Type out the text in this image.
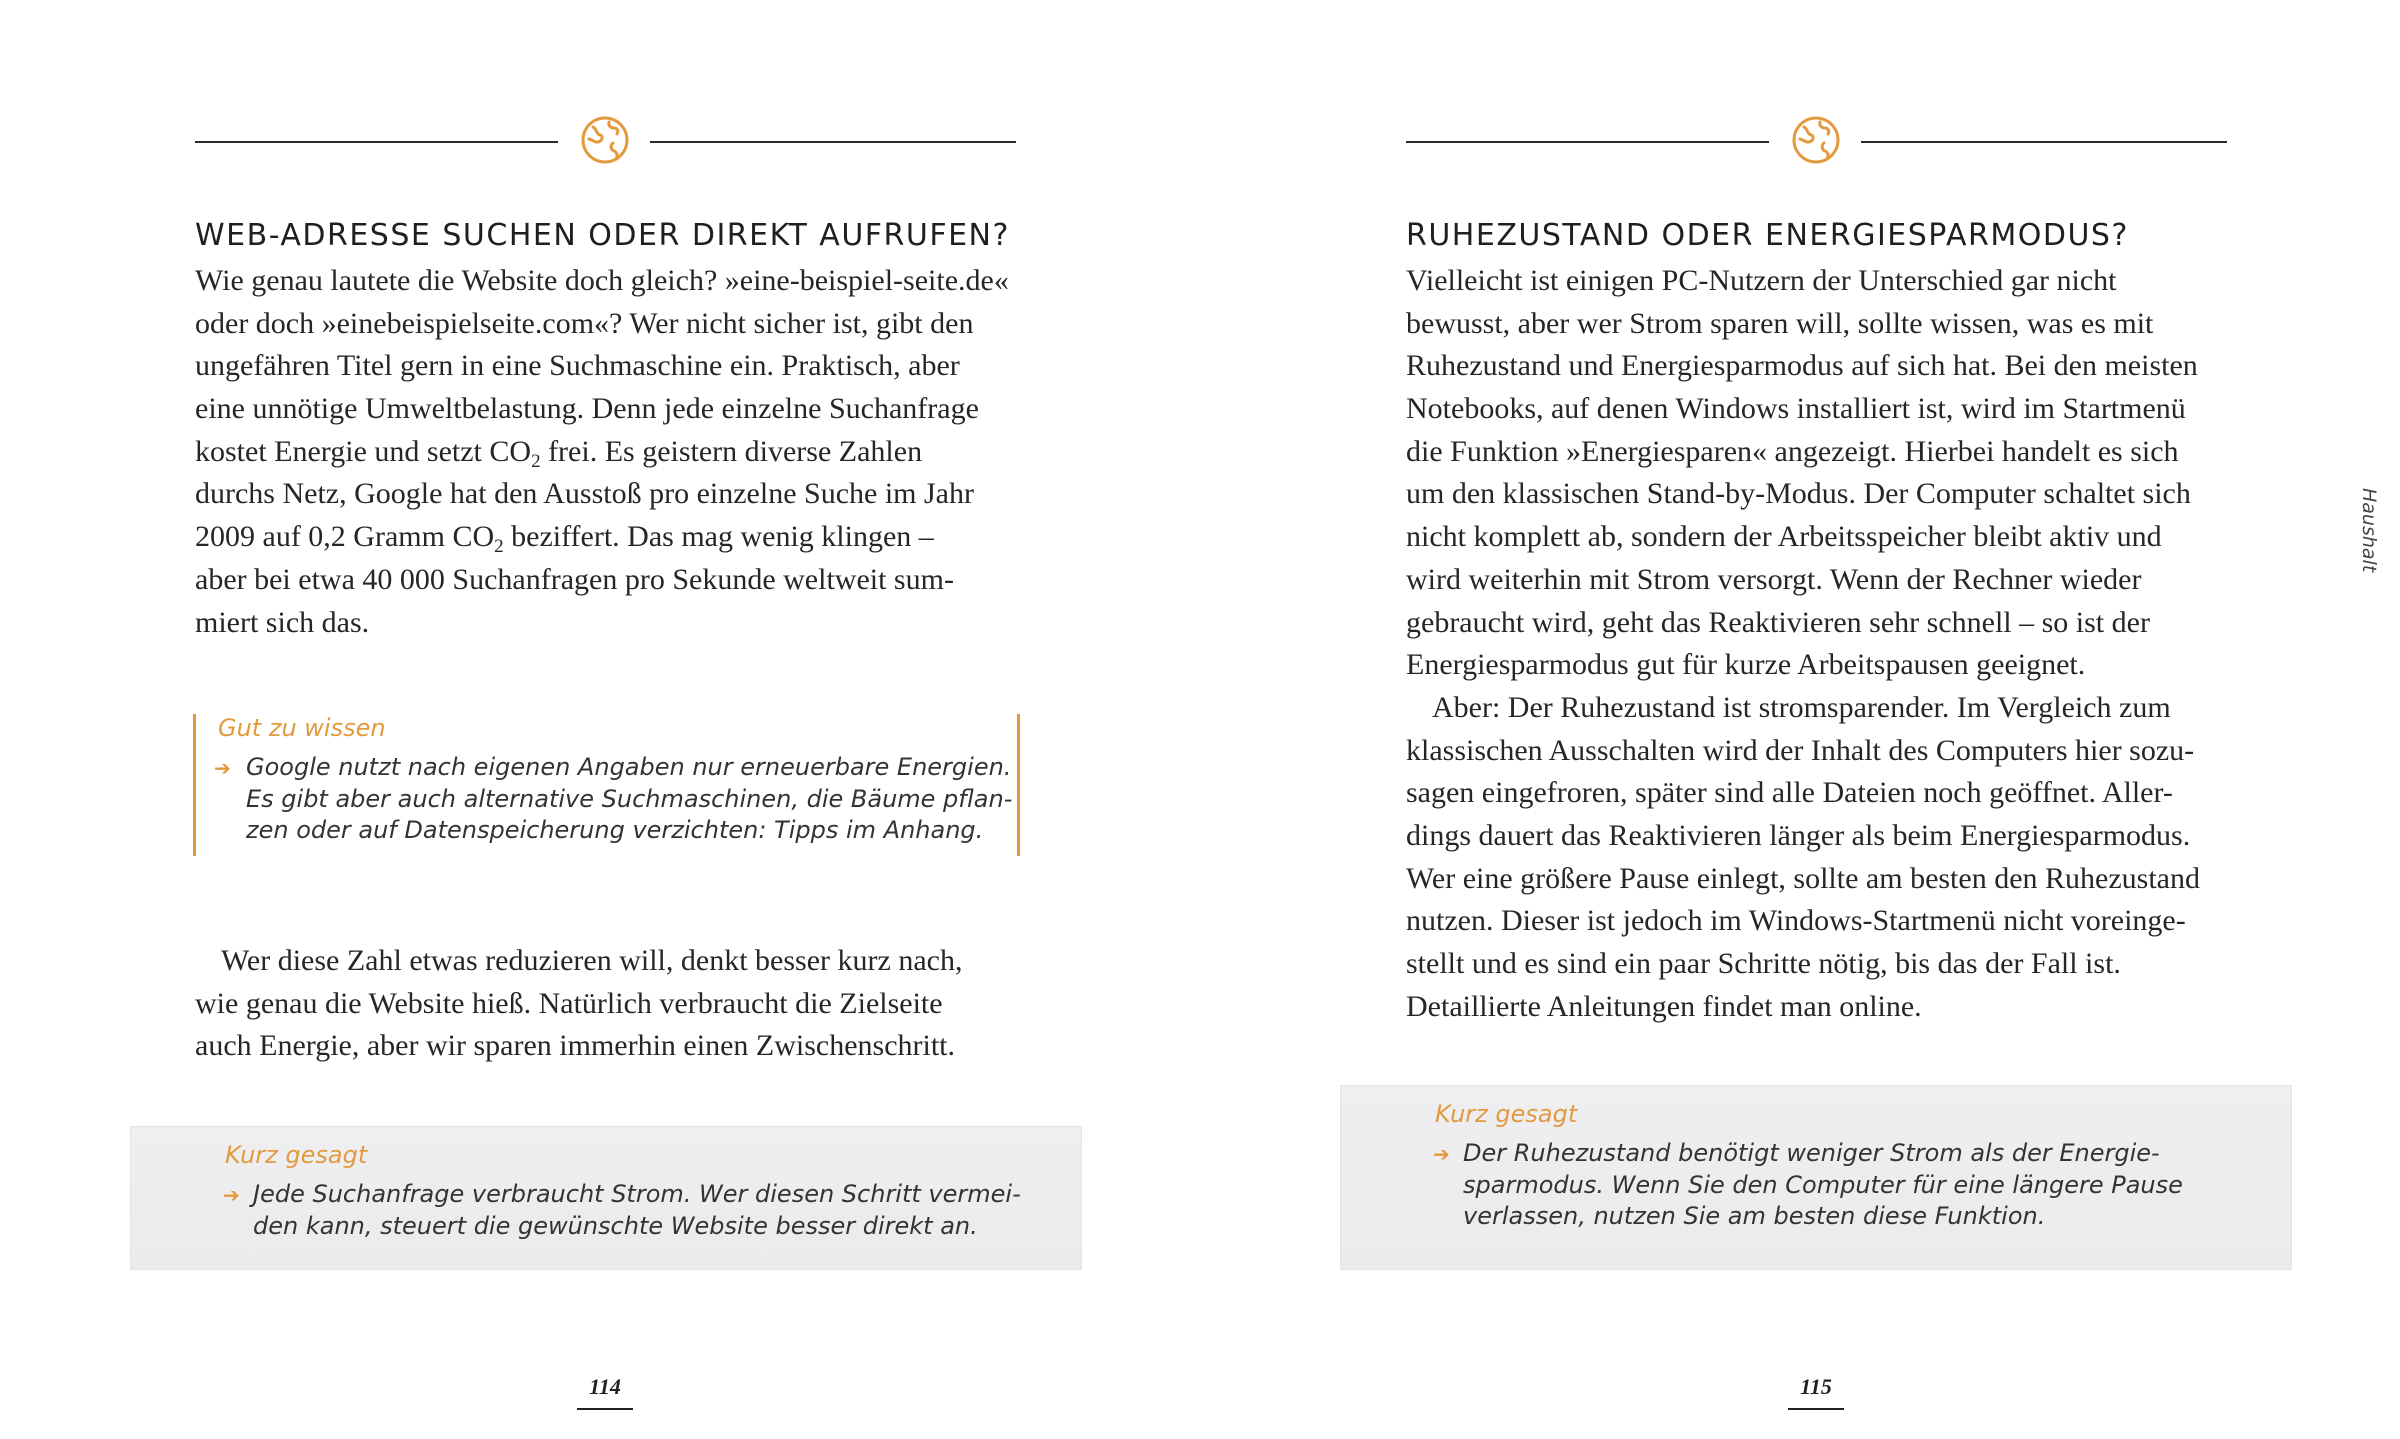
WEB-ADRESSE SUCHEN ODER DIREKT AUFRUFEN?
Wie genau lautete die Website doch gleich? »eine-beispiel-seite.de«
oder doch »einebeispielseite.com«? Wer nicht sicher ist, gibt den
ungefähren Titel gern in eine Suchmaschine ein. Praktisch, aber
eine unnötige Umweltbelastung. Denn jede einzelne Suchanfrage
kostet Energie und setzt $CO_2$ frei. Es geistern diverse Zahlen
durchs Netz, Google hat den Ausstoß pro einzelne Suche im Jahr
2009 auf 0,2 Gramm $CO_2$ beziffert. Das mag wenig klingen –
aber bei etwa 40 000 Suchanfragen pro Sekunde weltweit sum-
miert sich das.
Gut zu wissen
➔ Google nutzt nach eigenen Angaben nur erneuerbare Energien.
Es gibt aber auch alternative Suchmaschinen, die Bäume pflan-
zen oder auf Datenspeicherung verzichten: Tipps im Anhang.
Wer diese Zahl etwas reduzieren will, denkt besser kurz nach,
wie genau die Website hieß. Natürlich verbraucht die Zielseite
auch Energie, aber wir sparen immerhin einen Zwischenschritt.
Kurz gesagt
➔ Jede Suchanfrage verbraucht Strom. Wer diesen Schritt vermei-
den kann, steuert die gewünschte Website besser direkt an.
114
RUHEZUSTAND ODER ENERGIESPARMODUS?
Vielleicht ist einigen PC-Nutzern der Unterschied gar nicht
bewusst, aber wer Strom sparen will, sollte wissen, was es mit
Ruhezustand und Energiesparmodus auf sich hat. Bei den meisten
Notebooks, auf denen Windows installiert ist, wird im Startmenü
die Funktion »Energiesparen« angezeigt. Hierbei handelt es sich
um den klassischen Stand-by-Modus. Der Computer schaltet sich
nicht komplett ab, sondern der Arbeitsspeicher bleibt aktiv und
wird weiterhin mit Strom versorgt. Wenn der Rechner wieder
gebraucht wird, geht das Reaktivieren sehr schnell – so ist der
Energiesparmodus gut für kurze Arbeitspausen geeignet.
Aber: Der Ruhezustand ist stromsparender. Im Vergleich zum
klassischen Ausschalten wird der Inhalt des Computers hier sozu-
sagen eingefroren, später sind alle Dateien noch geöffnet. Aller-
dings dauert das Reaktivieren länger als beim Energiesparmodus.
Wer eine größere Pause einlegt, sollte am besten den Ruhezustand
nutzen. Dieser ist jedoch im Windows-Startmenü nicht voreinge-
stellt und es sind ein paar Schritte nötig, bis das der Fall ist.
Detaillierte Anleitungen findet man online.
Kurz gesagt
➔ Der Ruhezustand benötigt weniger Strom als der Energie-
sparmodus. Wenn Sie den Computer für eine längere Pause
verlassen, nutzen Sie am besten diese Funktion.
115
Haushalt
